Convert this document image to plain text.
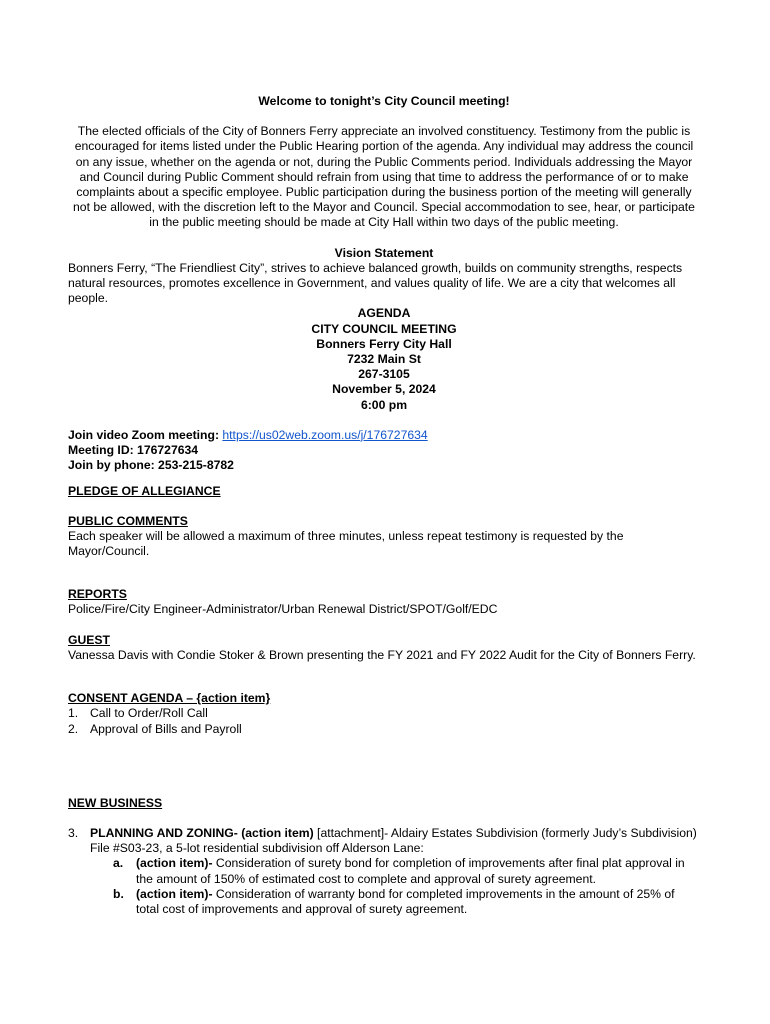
Welcome to tonight’s City Council meeting!

The elected officials of the City of Bonners Ferry appreciate an involved constituency. Testimony from the public is encouraged for items listed under the Public Hearing portion of the agenda. Any individual may address the council on any issue, whether on the agenda or not, during the Public Comments period. Individuals addressing the Mayor and Council during Public Comment should refrain from using that time to address the performance of or to make complaints about a specific employee. Public participation during the business portion of the meeting will generally not be allowed, with the discretion left to the Mayor and Council. Special accommodation to see, hear, or participate in the public meeting should be made at City Hall within two days of the public meeting.

Vision Statement

Bonners Ferry, “The Friendliest City”, strives to achieve balanced growth, builds on community strengths, respects natural resources, promotes excellence in Government, and values quality of life. We are a city that welcomes all people.

AGENDA

CITY COUNCIL MEETING

Bonners Ferry City Hall

7232 Main St

267-3105

November 5, 2024

6:00 pm

Join video Zoom meeting: https://us02web.zoom.us/j/176727634

Meeting ID: 176727634

Join by phone: 253-215-8782

PLEDGE OF ALLEGIANCE

PUBLIC COMMENTS

Each speaker will be allowed a maximum of three minutes, unless repeat testimony is requested by the Mayor/Council.

REPORTS

Police/Fire/City Engineer-Administrator/Urban Renewal District/SPOT/Golf/EDC

GUEST

Vanessa Davis with Condie Stoker & Brown presenting the FY 2021 and FY 2022 Audit for the City of Bonners Ferry.

CONSENT AGENDA – {action item}

1. Call to Order/Roll Call
2. Approval of Bills and Payroll

NEW BUSINESS

3. PLANNING AND ZONING- (action item) [attachment]- Aldairy Estates Subdivision (formerly Judy’s Subdivision) File #S03-23, a 5-lot residential subdivision off Alderson Lane:
a.	(action item)- Consideration of surety bond for completion of improvements after final plat approval in the amount of 150% of estimated cost to complete and approval of surety agreement.
b. (action item)- Consideration of warranty bond for completed improvements in the amount of 25% of total cost of improvements and approval of surety agreement.
